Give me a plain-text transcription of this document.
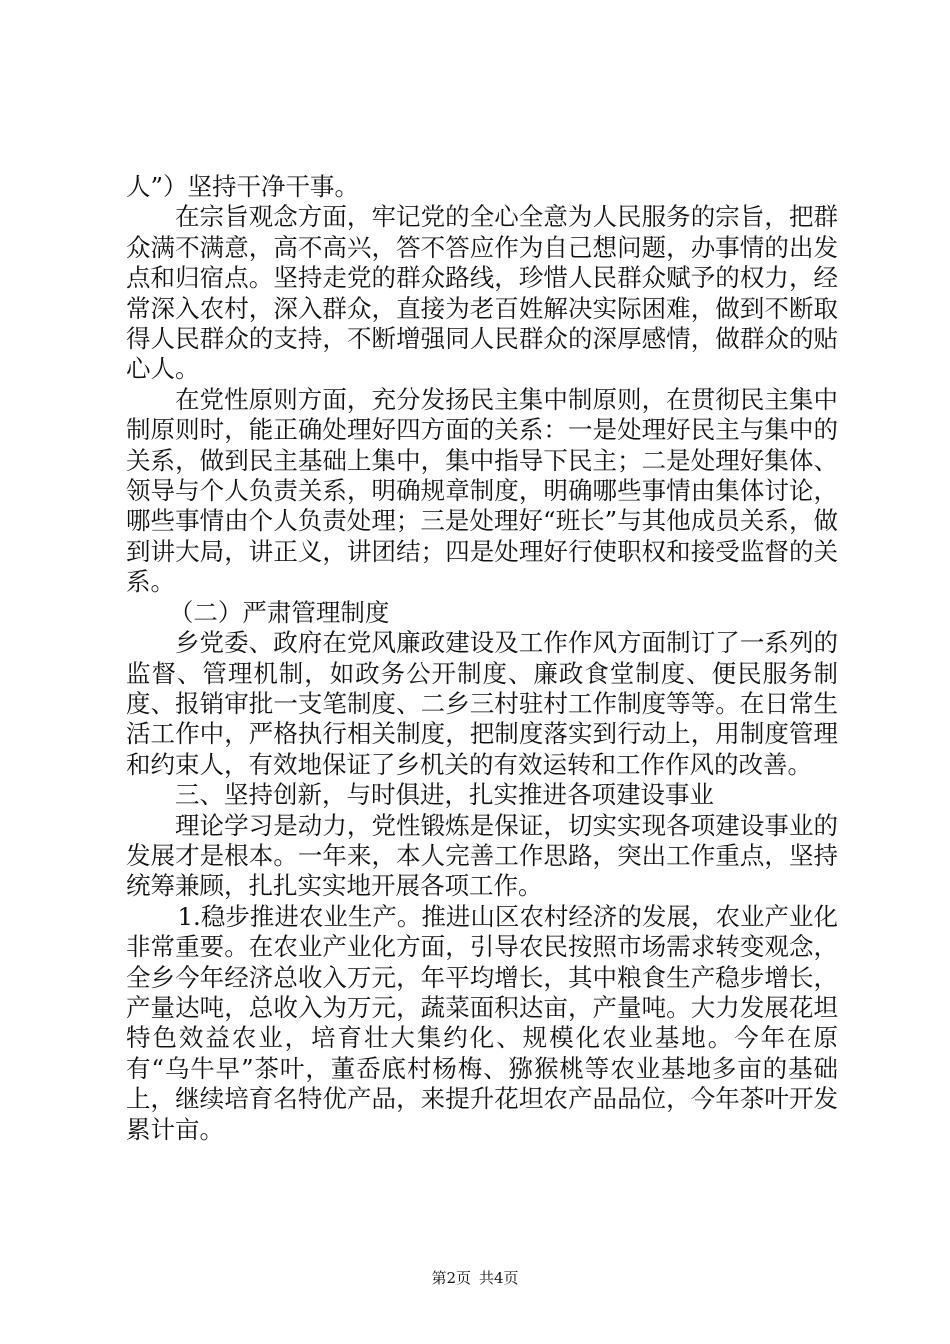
人”）坚持干净干事。

在宗旨观念方面，牢记党的全心全意为人民服务的宗旨，把群众满不满意，高不高兴，答不答应作为自己想问题，办事情的出发点和归宿点。坚持走党的群众路线，珍惜人民群众赋予的权力，经常深入农村，深入群众，直接为老百姓解决实际困难，做到不断取得人民群众的支持，不断增强同人民群众的深厚感情，做群众的贴心人。

在党性原则方面，充分发扬民主集中制原则，在贯彻民主集中制原则时，能正确处理好四方面的关系：一是处理好民主与集中的关系，做到民主基础上集中，集中指导下民主；二是处理好集体、领导与个人负责关系，明确规章制度，明确哪些事情由集体讨论，哪些事情由个人负责处理；三是处理好“班长”与其他成员关系，做到讲大局，讲正义，讲团结；四是处理好行使职权和接受监督的关系。

（二）严肃管理制度

乡党委、政府在党风廉政建设及工作作风方面制订了一系列的监督、管理机制，如政务公开制度、廉政食堂制度、便民服务制度、报销审批一支笔制度、二乡三村驻村工作制度等等。在日常生活工作中，严格执行相关制度，把制度落实到行动上，用制度管理和约束人，有效地保证了乡机关的有效运转和工作作风的改善。

三、坚持创新，与时俱进，扎实推进各项建设事业

理论学习是动力，党性锻炼是保证，切实实现各项建设事业的发展才是根本。一年来，本人完善工作思路，突出工作重点，坚持统筹兼顾，扎扎实实地开展各项工作。

1.稳步推进农业生产。推进山区农村经济的发展，农业产业化非常重要。在农业产业化方面，引导农民按照市场需求转变观念，全乡今年经济总收入万元，年平均增长，其中粮食生产稳步增长，产量达吨，总收入为万元，蔬菜面积达亩，产量吨。大力发展花坦特色效益农业，培育壮大集约化、规模化农业基地。今年在原有“乌牛早”茶叶，董岙底村杨梅、猕猴桃等农业基地多亩的基础上，继续培育名特优产品，来提升花坦农产品品位，今年茶叶开发累计亩。

第2页 共4页
